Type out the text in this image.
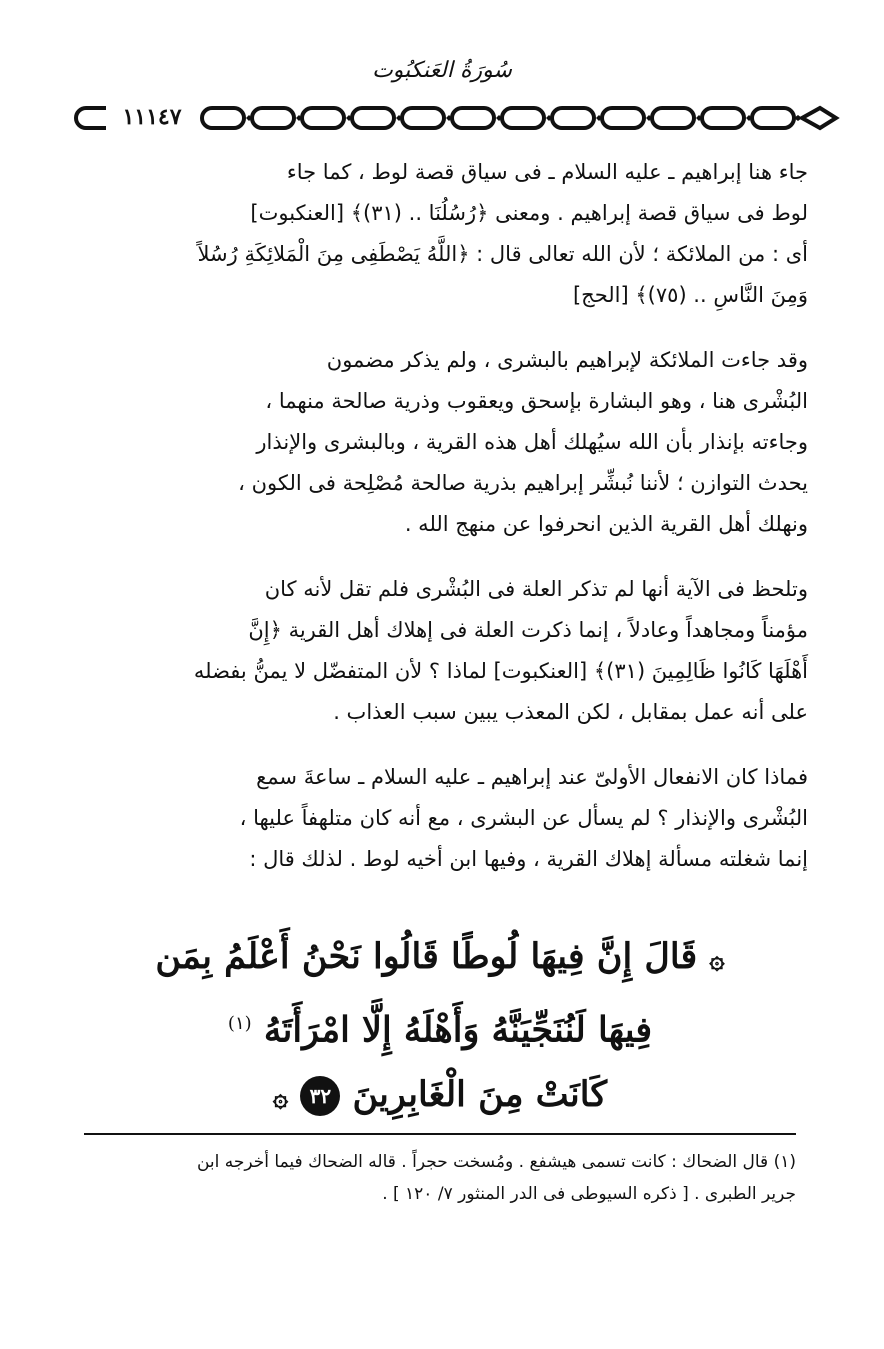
سُورَةُ العَنكبُوت
١١١٤٧

جاء هنا إبراهيم ـ عليه السلام ـ فى سياق قصة لوط ، كما جاء

لوط فى سياق قصة إبراهيم . ومعنى ﴿رُسُلُنَا .. (٣١)﴾ [العنكبوت]

أى : من الملائكة ؛ لأن الله تعالى قال : ﴿اللَّهُ يَصْطَفِى مِنَ الْمَلائِكَةِ رُسُلاً

وَمِنَ النَّاسِ .. (٧٥)﴾ [الحج]

وقد جاءت الملائكة لإبراهيم بالبشرى ، ولم يذكر مضمون

البُشْرى هنا ، وهو البشارة بإسحق ويعقوب وذرية صالحة منهما ،

وجاءته بإنذار بأن الله سيُهلك أهل هذه القرية ، وبالبشرى والإنذار

يحدث التوازن ؛ لأننا نُبشِّر إبراهيم بذرية صالحة مُصْلِحة فى الكون ،

ونهلك أهل القرية الذين انحرفوا عن منهج الله .

وتلحظ فى الآية أنها لم تذكر العلة فى البُشْرى فلم تقل لأنه كان

مؤمناً ومجاهداً وعادلاً ، إنما ذكرت العلة فى إهلاك أهل القرية ﴿إِنَّ

أَهْلَهَا كَانُوا ظَالِمِينَ (٣١)﴾ [العنكبوت] لماذا ؟ لأن المتفضّل لا يمنُّ بفضله

على أنه عمل بمقابل ، لكن المعذب يبين سبب العذاب .

فماذا كان الانفعال الأولىّ عند إبراهيم ـ عليه السلام ـ ساعةَ سمع

البُشْرى والإنذار ؟ لم يسأل عن البشرى ، مع أنه كان متلهفاً عليها ،

إنما شغلته مسألة إهلاك القرية ، وفيها ابن أخيه لوط . لذلك قال :

۞ قَالَ إِنَّ فِيهَا لُوطًا قَالُوا نَحْنُ أَعْلَمُ بِمَن
فِيهَا لَنُنَجِّيَنَّهُ وَأَهْلَهُ إِلَّا امْرَأَتَهُ $^{(١)}$
كَانَتْ مِنَ الْغَابِرِينَ ٣٢ ۞

(١) قال الضحاك : كانت تسمى هيشفع . ومُسخت حجراً . قاله الضحاك فيما أخرجه ابن

جرير الطبرى . [ ذكره السيوطى فى الدر المنثور ٧/ ١٢٠ ] .
